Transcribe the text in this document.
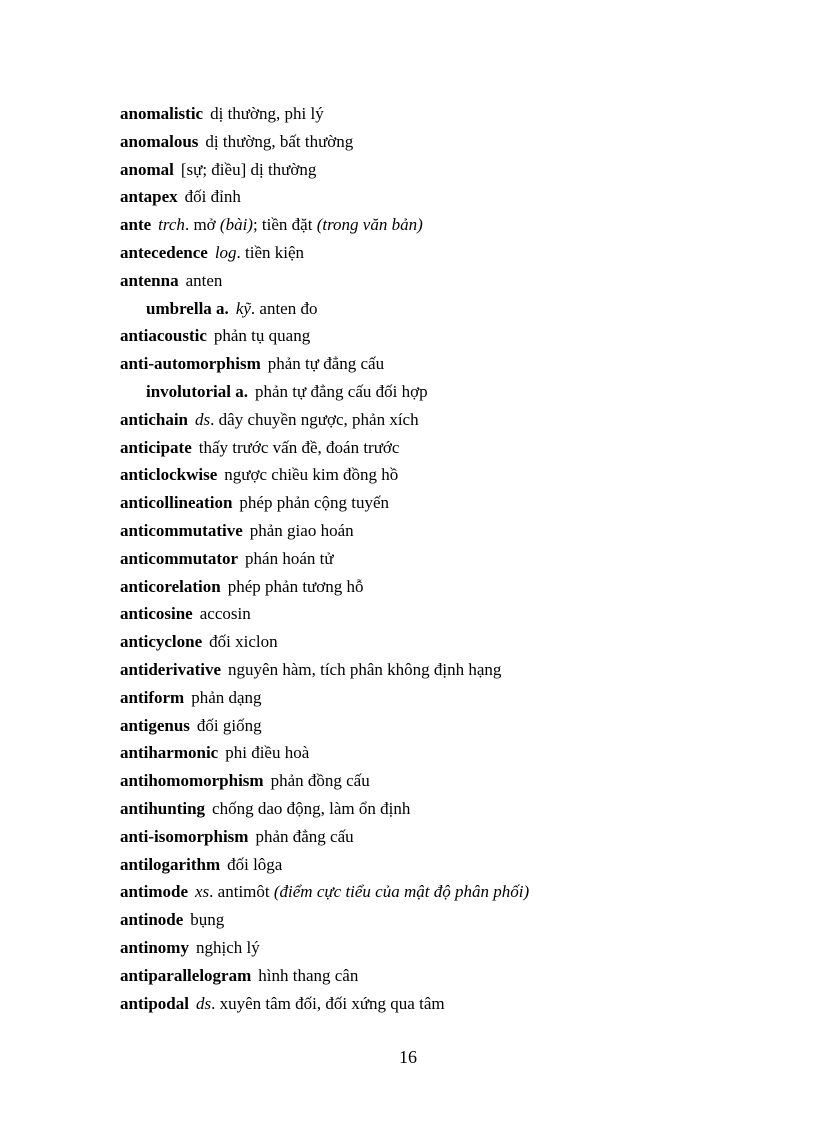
anomalistic dị thường, phi lý
anomalous dị thường, bất thường
anomal [sự; điều] dị thường
antapex đối đỉnh
ante trch. mở (bài); tiền đặt (trong văn bản)
antecedence log. tiền kiện
antenna anten
umbrella a. kỹ. anten đo
antiacoustic phản tụ quang
anti-automorphism phản tự đẳng cấu
involutorial a. phản tự đẳng cấu đối hợp
antichain ds. dây chuyền ngược, phản xích
anticipate thấy trước vấn đề, đoán trước
anticlockwise ngược chiều kim đồng hồ
anticollineation phép phản cộng tuyến
anticommutative phản giao hoán
anticommutator phán hoán tử
anticorelation phép phản tương hỗ
anticosine accosin
anticyclone đối xiclon
antiderivative nguyên hàm, tích phân không định hạng
antiform phản dạng
antigenus đối giống
antiharmonic phi điều hoà
antihomomorphism phản đồng cấu
antihunting chống dao động, làm ổn định
anti-isomorphism phản đẳng cấu
antilogarithm đối lôga
antimode xs. antimôt (điểm cực tiểu của mật độ phân phối)
antinode bụng
antinomy nghịch lý
antiparallelogram hình thang cân
antipodal ds. xuyên tâm đối, đối xứng qua tâm
16
